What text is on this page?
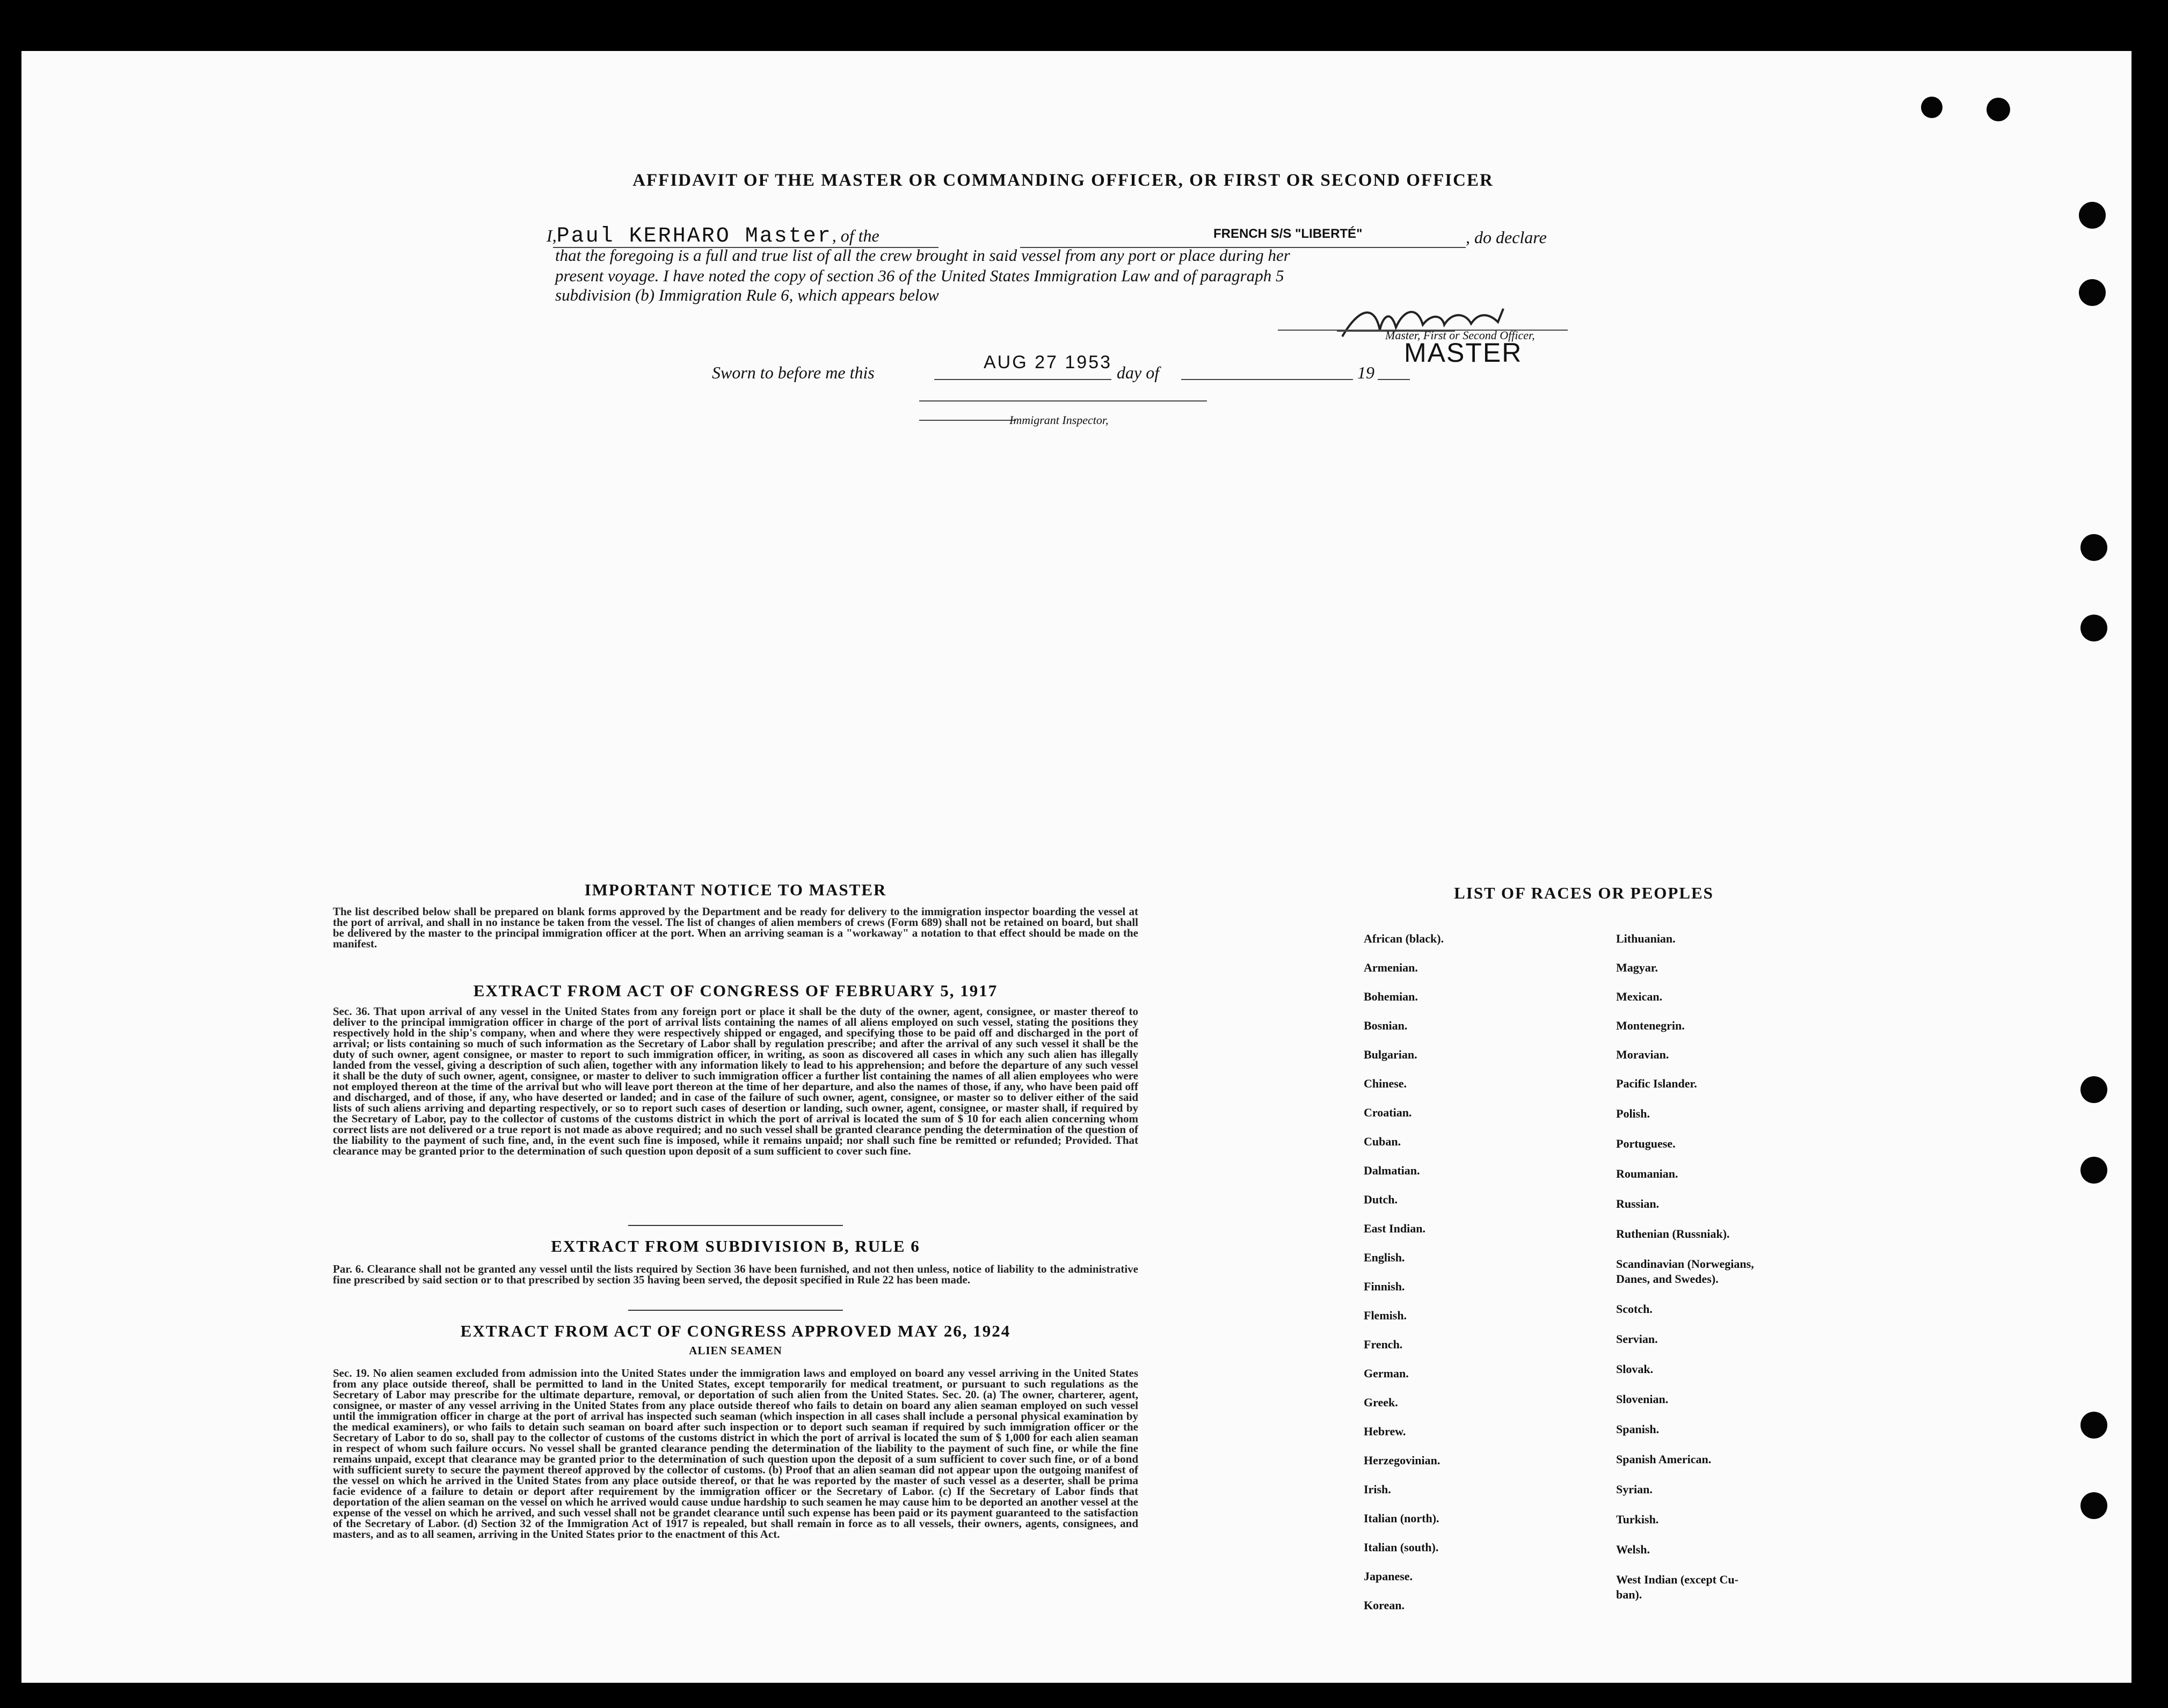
AFFIDAVIT OF THE MASTER OR COMMANDING OFFICER, OR FIRST OR SECOND OFFICER
I,Paul KERHARO Master, of the	FRENCH S/S "LIBERTÉ"	, do declare
that the foregoing is a full and true list of all the crew brought in said vessel from any port or place during her
present voyage. I have noted the copy of section 36 of the United States Immigration Law and of paragraph 5
subdivision (b) Immigration Rule 6, which appears below
Master, First or Second Officer,
MASTER
Sworn to before me this	AUG 27 1953 day of	19
Immigrant Inspector,
IMPORTANT NOTICE TO MASTER
The list described below shall be prepared on blank forms approved by the Department and be ready for delivery to the immigration inspector boarding the vessel at the port of arrival, and shall in no instance be taken from the vessel. The list of changes of alien members of crews (Form 689) shall not be retained on board, but shall be delivered by the master to the principal immigration officer at the port. When an arriving seaman is a "workaway" a notation to that effect should be made on the manifest.
EXTRACT FROM ACT OF CONGRESS OF FEBRUARY 5, 1917
Sec. 36. That upon arrival of any vessel in the United States from any foreign port or place it shall be the duty of the owner, agent, consignee, or master thereof to deliver to the principal immigration officer in charge of the port of arrival lists containing the names of all aliens employed on such vessel, stating the positions they respectively hold in the ship's company, when and where they were respectively shipped or engaged, and specifying those to be paid off and discharged in the port of arrival; or lists containing so much of such information as the Secretary of Labor shall by regulation prescribe; and after the arrival of any such vessel it shall be the duty of such owner, agent consignee, or master to report to such immigration officer, in writing, as soon as discovered all cases in which any such alien has illegally landed from the vessel, giving a description of such alien, together with any information likely to lead to his apprehension; and before the departure of any such vessel it shall be the duty of such owner, agent, consignee, or master to deliver to such immigration officer a further list containing the names of all alien employees who were not employed thereon at the time of the arrival but who will leave port thereon at the time of her departure, and also the names of those, if any, who have been paid off and discharged, and of those, if any, who have deserted or landed; and in case of the failure of such owner, agent, consignee, or master so to deliver either of the said lists of such aliens arriving and departing respectively, or so to report such cases of desertion or landing, such owner, agent, consignee, or master shall, if required by the Secretary of Labor, pay to the collector of customs of the customs district in which the port of arrival is located the sum of $ 10 for each alien concerning whom correct lists are not delivered or a true report is not made as above required; and no such vessel shall be granted clearance pending the determination of the question of the liability to the payment of such fine, and, in the event such fine is imposed, while it remains unpaid; nor shall such fine be remitted or refunded; Provided. That clearance may be granted prior to the determination of such question upon deposit of a sum sufficient to cover such fine.
EXTRACT FROM SUBDIVISION B, RULE 6
Par. 6. Clearance shall not be granted any vessel until the lists required by Section 36 have been furnished, and not then unless, notice of liability to the administrative fine prescribed by said section or to that prescribed by section 35 having been served, the deposit specified in Rule 22 has been made.
EXTRACT FROM ACT OF CONGRESS APPROVED MAY 26, 1924
ALIEN SEAMEN
Sec. 19. No alien seamen excluded from admission into the United States under the immigration laws and employed on board any vessel arriving in the United States from any place outside thereof, shall be permitted to land in the United States, except temporarily for medical treatment, or pursuant to such regulations as the Secretary of Labor may prescribe for the ultimate departure, removal, or deportation of such alien from the United States. Sec. 20. (a) The owner, charterer, agent, consignee, or master of any vessel arriving in the United States from any place outside thereof who fails to detain on board any alien seaman employed on such vessel until the immigration officer in charge at the port of arrival has inspected such seaman (which inspection in all cases shall include a personal physical examination by the medical examiners), or who fails to detain such seaman on board after such inspection or to deport such seaman if required by such immigration officer or the Secretary of Labor to do so, shall pay to the collector of customs of the customs district in which the port of arrival is located the sum of $ 1,000 for each alien seaman in respect of whom such failure occurs. No vessel shall be granted clearance pending the determination of the liability to the payment of such fine, or while the fine remains unpaid, except that clearance may be granted prior to the determination of such question upon the deposit of a sum sufficient to cover such fine, or of a bond with sufficient surety to secure the payment thereof approved by the collector of customs. (b) Proof that an alien seaman did not appear upon the outgoing manifest of the vessel on which he arrived in the United States from any place outside thereof, or that he was reported by the master of such vessel as a deserter, shall be prima facie evidence of a failure to detain or deport after requirement by the immigration officer or the Secretary of Labor. (c) If the Secretary of Labor finds that deportation of the alien seaman on the vessel on which he arrived would cause undue hardship to such seamen he may cause him to be deported an another vessel at the expense of the vessel on which he arrived, and such vessel shall not be grandet clearance until such expense has been paid or its payment guaranteed to the satisfaction of the Secretary of Labor. (d) Section 32 of the Immigration Act of 1917 is repealed, but shall remain in force as to all vessels, their owners, agents, consignees, and masters, and as to all seamen, arriving in the United States prior to the enactment of this Act.
LIST OF RACES OR PEOPLES
African (black).
Armenian.
Bohemian.
Bosnian.
Bulgarian.
Chinese.
Croatian.
Cuban.
Dalmatian.
Dutch.
East Indian.
English.
Finnish.
Flemish.
French.
German.
Greek.
Hebrew.
Herzegovinian.
Irish.
Italian (north).
Italian (south).
Japanese.
Korean.
Lithuanian.
Magyar.
Mexican.
Montenegrin.
Moravian.
Pacific Islander.
Polish.
Portuguese.
Roumanian.
Russian.
Ruthenian (Russniak).
Scandinavian (Norwegians,
Danes, and Swedes).
Scotch.
Servian.
Slovak.
Slovenian.
Spanish.
Spanish American.
Syrian.
Turkish.
Welsh.
West Indian (except Cu-
ban).
